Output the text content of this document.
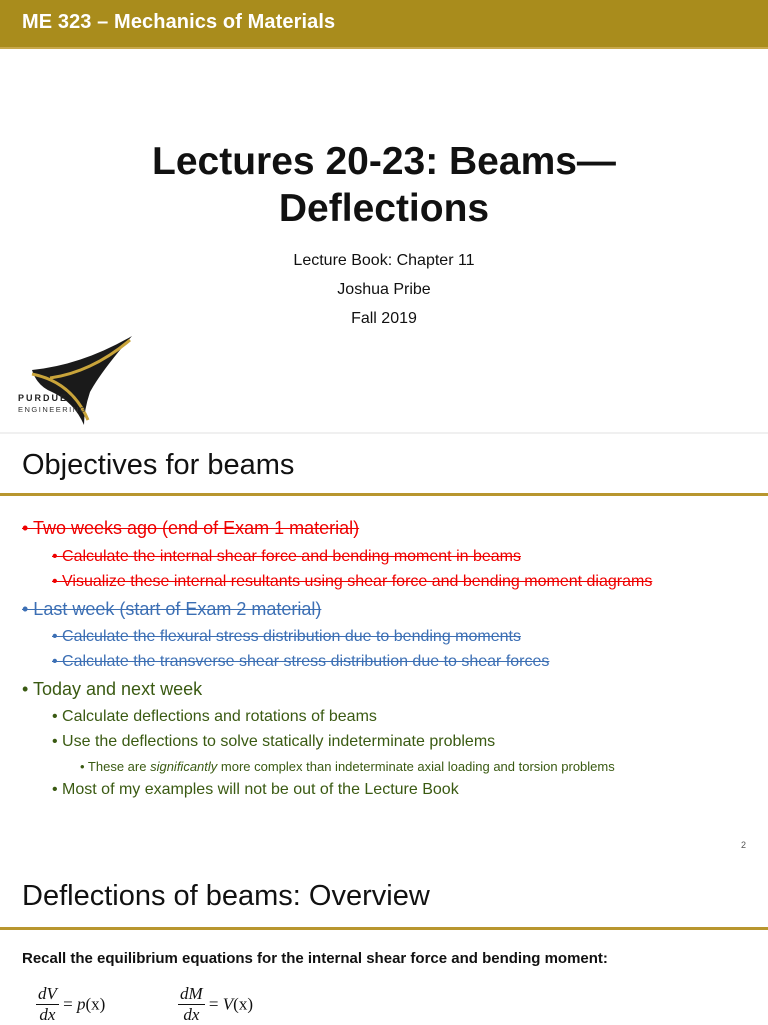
ME 323 – Mechanics of Materials
Lectures 20-23: Beams—
Deflections
Lecture Book: Chapter 11
Joshua Pribe
Fall 2019
PURDUE
ENGINEERING
Objectives for beams
• Two weeks ago (end of Exam 1 material)
• Calculate the internal shear force and bending moment in beams
• Visualize these internal resultants using shear force and bending moment diagrams
• Last week (start of Exam 2 material)
• Calculate the flexural stress distribution due to bending moments
• Calculate the transverse shear stress distribution due to shear forces
• Today and next week
• Calculate deflections and rotations of beams
• Use the deflections to solve statically indeterminate problems
• These are significantly more complex than indeterminate axial loading and torsion problems
• Most of my examples will not be out of the Lecture Book
2
Deflections of beams: Overview
Recall the equilibrium equations for the internal shear force and bending moment:
$\frac{dV}{dx} = p(x)$	$\frac{dM}{dx} = V(x)$
